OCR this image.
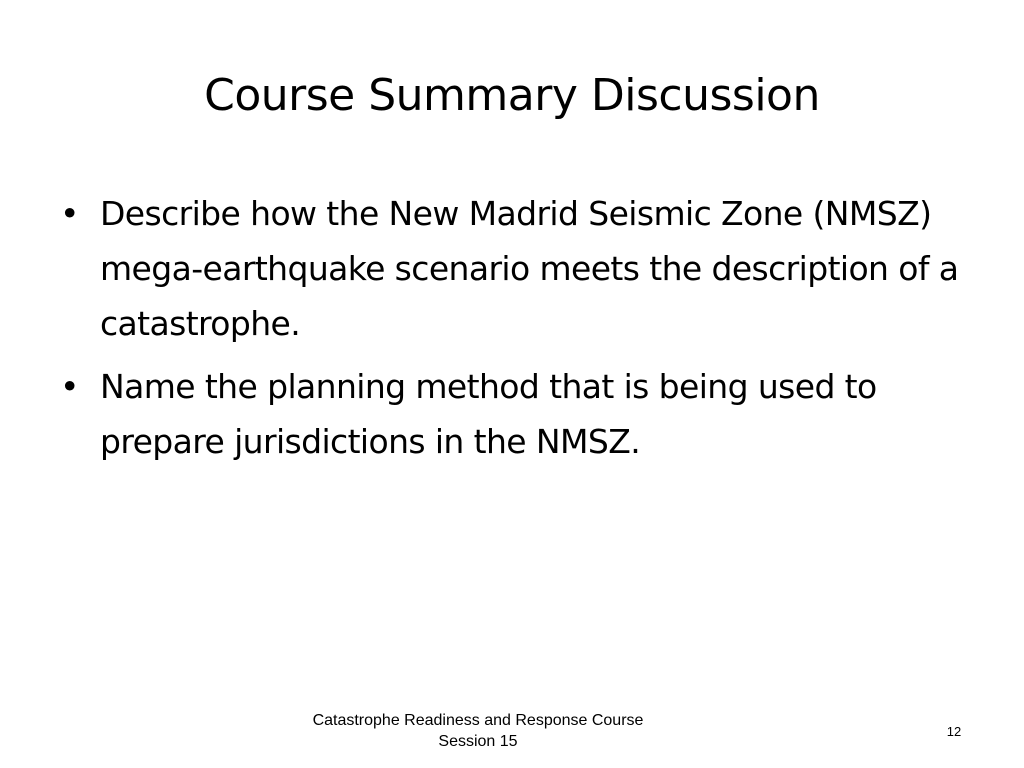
Course Summary Discussion
• Describe how the New Madrid Seismic Zone (NMSZ) mega-earthquake scenario meets the description of a catastrophe.
• Name the planning method that is being used to prepare jurisdictions in the NMSZ.
Catastrophe Readiness and Response Course
Session 15
12
